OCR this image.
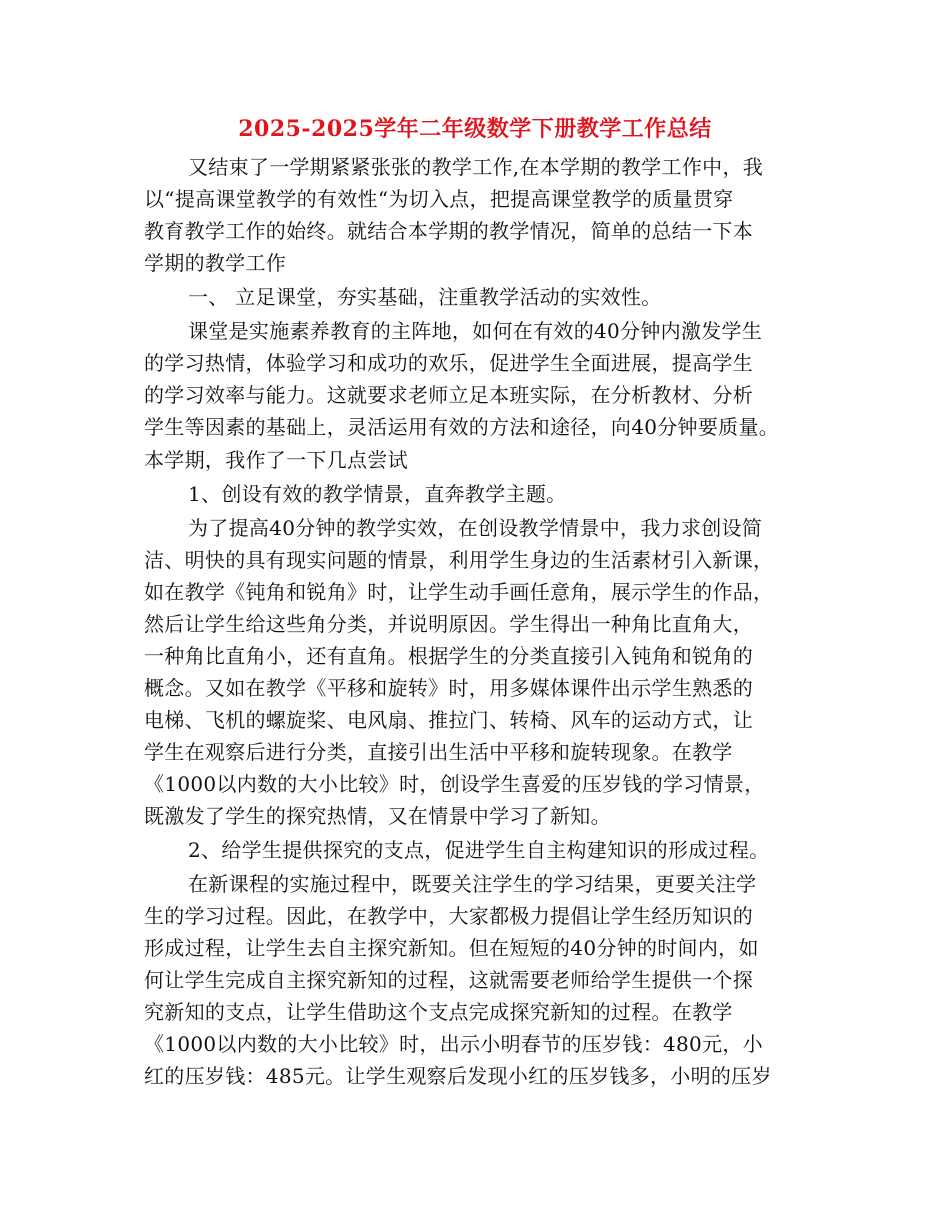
2025-2025学年二年级数学下册教学工作总结
又结束了一学期紧紧张张的教学工作,在本学期的教学工作中，我
以“提高课堂教学的有效性“为切入点，把提高课堂教学的质量贯穿
教育教学工作的始终。就结合本学期的教学情况，简单的总结一下本
学期的教学工作
一、 立足课堂，夯实基础，注重教学活动的实效性。
课堂是实施素养教育的主阵地，如何在有效的40分钟内激发学生
的学习热情，体验学习和成功的欢乐，促进学生全面进展，提高学生
的学习效率与能力。这就要求老师立足本班实际，在分析教材、分析
学生等因素的基础上，灵活运用有效的方法和途径，向40分钟要质量。
本学期，我作了一下几点尝试
1、创设有效的教学情景，直奔教学主题。
为了提高40分钟的教学实效，在创设教学情景中，我力求创设简
洁、明快的具有现实问题的情景，利用学生身边的生活素材引入新课，
如在教学《钝角和锐角》时，让学生动手画任意角，展示学生的作品，
然后让学生给这些角分类，并说明原因。学生得出一种角比直角大，
一种角比直角小，还有直角。根据学生的分类直接引入钝角和锐角的
概念。又如在教学《平移和旋转》时，用多媒体课件出示学生熟悉的
电梯、飞机的螺旋桨、电风扇、推拉门、转椅、风车的运动方式，让
学生在观察后进行分类，直接引出生活中平移和旋转现象。在教学
《1000以内数的大小比较》时，创设学生喜爱的压岁钱的学习情景，
既激发了学生的探究热情，又在情景中学习了新知。
2、给学生提供探究的支点，促进学生自主构建知识的形成过程。
在新课程的实施过程中，既要关注学生的学习结果，更要关注学
生的学习过程。因此，在教学中，大家都极力提倡让学生经历知识的
形成过程，让学生去自主探究新知。但在短短的40分钟的时间内，如
何让学生完成自主探究新知的过程，这就需要老师给学生提供一个探
究新知的支点，让学生借助这个支点完成探究新知的过程。在教学
《1000以内数的大小比较》时，出示小明春节的压岁钱：480元，小
红的压岁钱：485元。让学生观察后发现小红的压岁钱多，小明的压岁
